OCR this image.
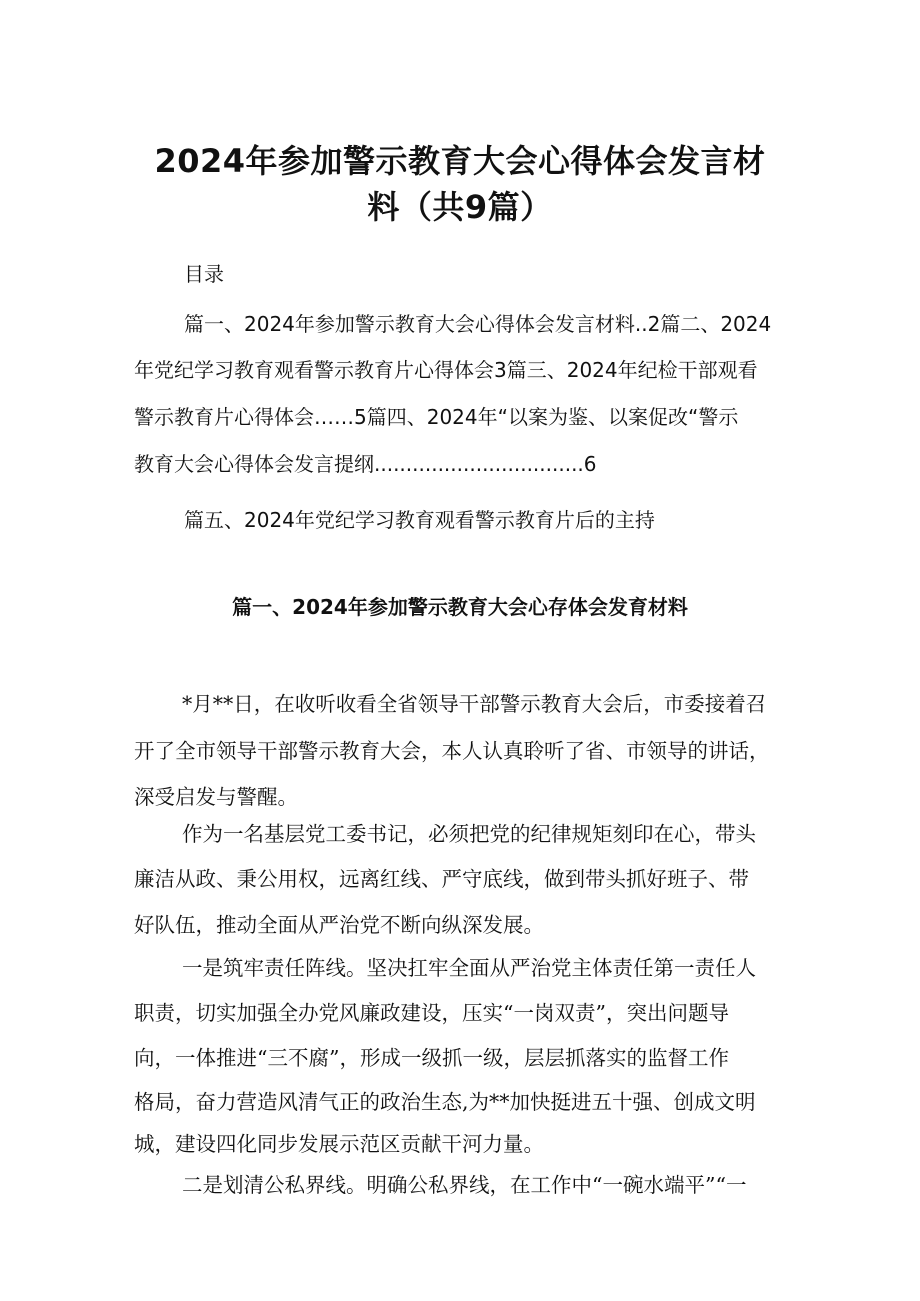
2024年参加警示教育大会心得体会发言材
料（共9篇）
目录
篇一、2024年参加警示教育大会心得体会发言材料..2篇二、2024
年党纪学习教育观看警示教育片心得体会3篇三、2024年纪检干部观看
警示教育片心得体会……5篇四、2024年“以案为鉴、以案促改“警示
教育大会心得体会发言提纲.................................6
篇五、2024年党纪学习教育观看警示教育片后的主持
篇一、2024年参加警示教育大会心存体会发育材料
*月**日，在收听收看全省领导干部警示教育大会后，市委接着召
开了全市领导干部警示教育大会，本人认真聆听了省、市领导的讲话，
深受启发与警醒。
作为一名基层党工委书记，必须把党的纪律规矩刻印在心，带头
廉洁从政、秉公用权，远离红线、严守底线，做到带头抓好班子、带
好队伍，推动全面从严治党不断向纵深发展。
一是筑牢责任阵线。坚决扛牢全面从严治党主体责任第一责任人
职责，切实加强全办党风廉政建设，压实“一岗双责”，突出问题导
向，一体推进“三不腐”，形成一级抓一级，层层抓落实的监督工作
格局，奋力营造风清气正的政治生态,为**加快挺进五十强、创成文明
城，建设四化同步发展示范区贡献干河力量。
二是划清公私界线。明确公私界线，在工作中“一碗水端平”“一
